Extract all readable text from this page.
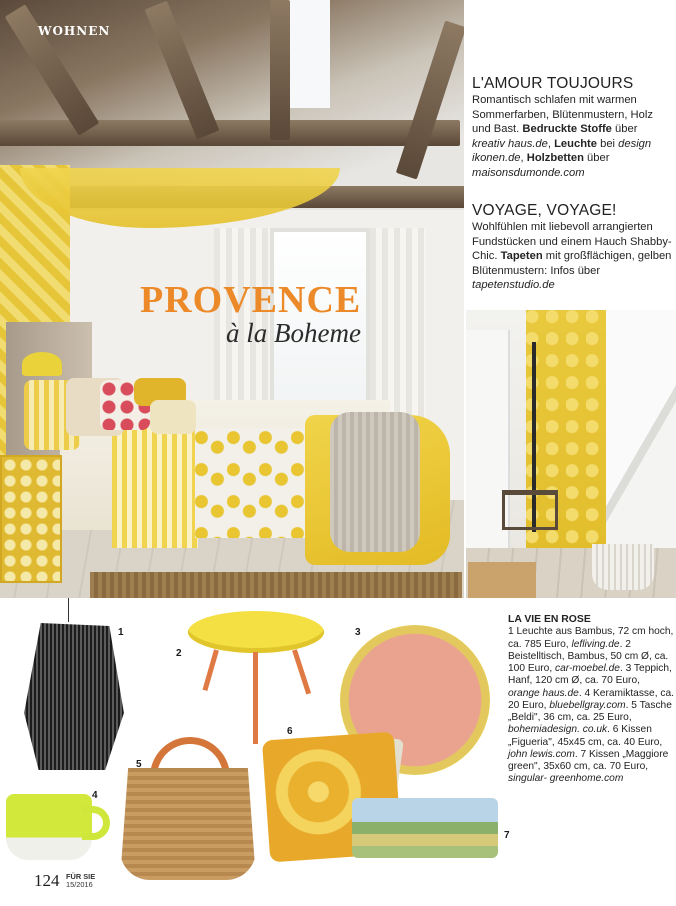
WOHNEN
PROVENCE
à la Boheme
L'AMOUR TOUJOURS

Romantisch schlafen mit warmen Sommerfarben, Blütenmustern, Holz und Bast. Bedruckte Stoffe über kreativ haus.de, Leuchte bei design ikonen.de, Holzbetten über maisonsdumonde.com

VOYAGE, VOYAGE!

Wohlfühlen mit liebevoll arrangierten Fundstücken und einem Hauch Shabby-Chic. Tapeten mit großflächigen, gelben Blütenmustern: Infos über tapetenstudio.de

1
2
3
4
5
6
7
LA VIE EN ROSE
1 Leuchte aus Bambus, 72 cm hoch, ca. 785 Euro, lefliving.de. 2 Beistelltisch, Bambus, 50 cm Ø, ca. 100 Euro, car-moebel.de. 3 Teppich, Hanf, 120 cm Ø, ca. 70 Euro, orange haus.de. 4 Keramiktasse, ca. 20 Euro, bluebellgray.com. 5 Tasche „Beldi", 36 cm, ca. 25 Euro, bohemiadesign. co.uk. 6 Kissen „Figueria", 45x45 cm, ca. 40 Euro, john lewis.com. 7 Kissen „Maggiore green", 35x60 cm, ca. 70 Euro, singular- greenhome.com
124 FÜR SIE
15/2016
